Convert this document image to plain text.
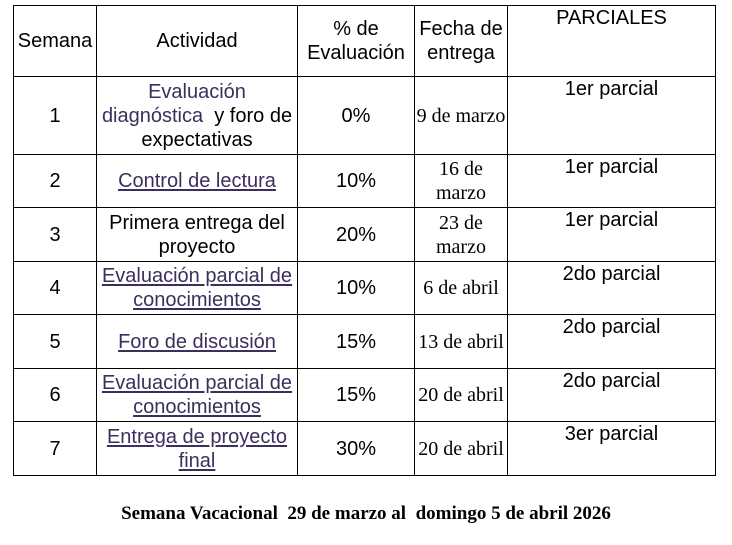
Semana	Actividad	% de Evaluación	Fecha de entrega	PARCIALES
1	Evaluación diagnóstica  y foro de expectativas	0%	9 de marzo	1er parcial
2	Control de lectura	10%	16 de marzo	1er parcial
3	Primera entrega del proyecto	20%	23 de marzo	1er parcial
4	Evaluación parcial de conocimientos	10%	6 de abril	2do parcial
5	Foro de discusión	15%	13 de abril	2do parcial
6	Evaluación parcial de conocimientos	15%	20 de abril	2do parcial
7	Entrega de proyecto final	30%	20 de abril	3er parcial
Semana Vacacional  29 de marzo al  domingo 5 de abril 2026
